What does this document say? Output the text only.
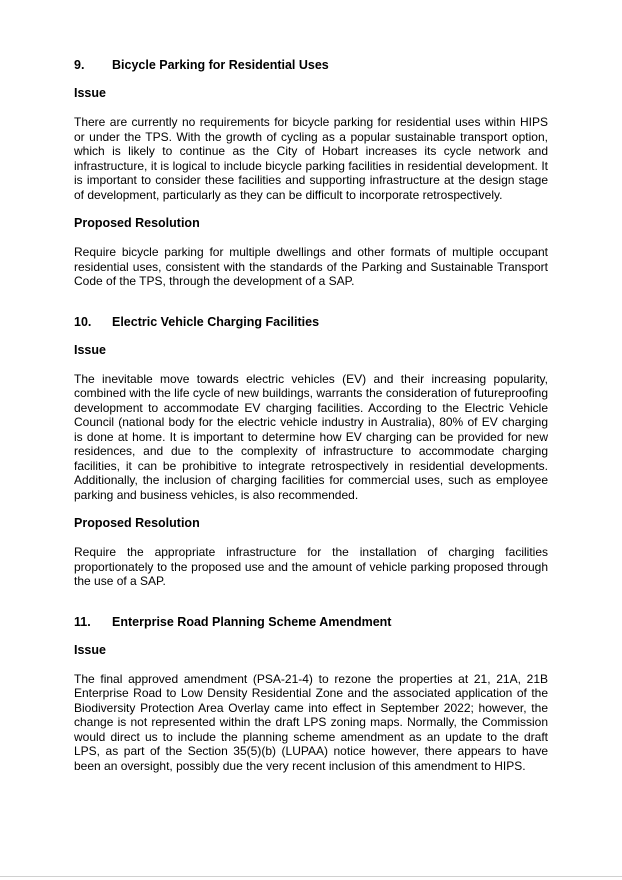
9.	Bicycle Parking for Residential Uses

Issue

There are currently no requirements for bicycle parking for residential uses within HIPS or under the TPS. With the growth of cycling as a popular sustainable transport option, which is likely to continue as the City of Hobart increases its cycle network and infrastructure, it is logical to include bicycle parking facilities in residential development. It is important to consider these facilities and supporting infrastructure at the design stage of development, particularly as they can be difficult to incorporate retrospectively.

Proposed Resolution

Require bicycle parking for multiple dwellings and other formats of multiple occupant residential uses, consistent with the standards of the Parking and Sustainable Transport Code of the TPS, through the development of a SAP.

10.	Electric Vehicle Charging Facilities

Issue

The inevitable move towards electric vehicles (EV) and their increasing popularity, combined with the life cycle of new buildings, warrants the consideration of futureproofing development to accommodate EV charging facilities. According to the Electric Vehicle Council (national body for the electric vehicle industry in Australia), 80% of EV charging is done at home. It is important to determine how EV charging can be provided for new residences, and due to the complexity of infrastructure to accommodate charging facilities, it can be prohibitive to integrate retrospectively in residential developments. Additionally, the inclusion of charging facilities for commercial uses, such as employee parking and business vehicles, is also recommended.

Proposed Resolution

Require the appropriate infrastructure for the installation of charging facilities proportionately to the proposed use and the amount of vehicle parking proposed through the use of a SAP.

11.	Enterprise Road Planning Scheme Amendment

Issue

The final approved amendment (PSA-21-4) to rezone the properties at 21, 21A, 21B Enterprise Road to Low Density Residential Zone and the associated application of the Biodiversity Protection Area Overlay came into effect in September 2022; however, the change is not represented within the draft LPS zoning maps. Normally, the Commission would direct us to include the planning scheme amendment as an update to the draft LPS, as part of the Section 35(5)(b) (LUPAA) notice however, there appears to have been an oversight, possibly due the very recent inclusion of this amendment to HIPS.
